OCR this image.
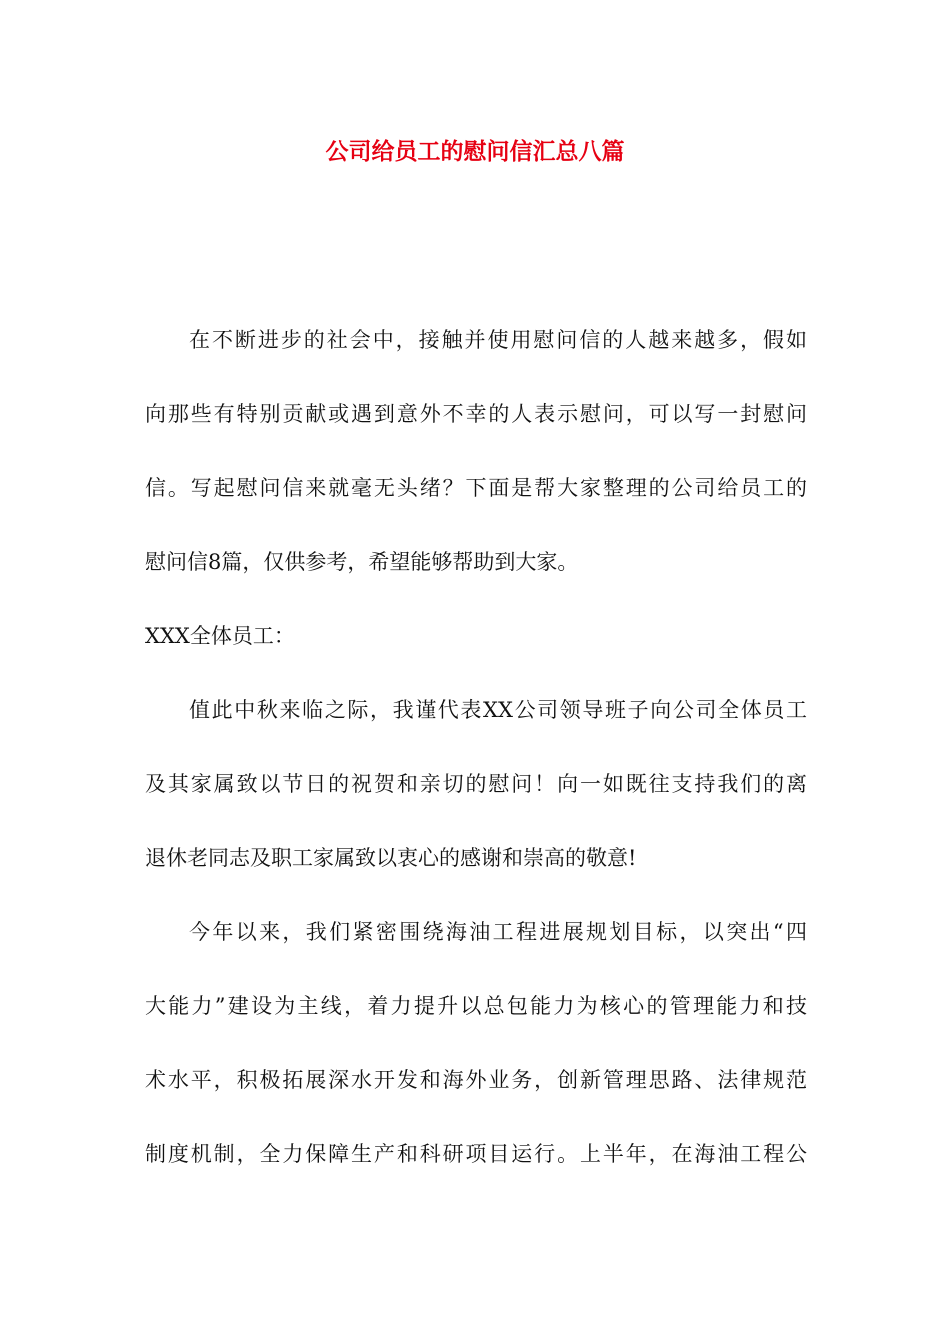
公司给员工的慰问信汇总八篇
在不断进步的社会中，接触并使用慰问信的人越来越多，假如
向那些有特别贡献或遇到意外不幸的人表示慰问，可以写一封慰问
信。写起慰问信来就毫无头绪？下面是帮大家整理的公司给员工的
慰问信8篇，仅供参考，希望能够帮助到大家。
XXX全体员工：
值此中秋来临之际，我谨代表XX公司领导班子向公司全体员工
及其家属致以节日的祝贺和亲切的慰问！向一如既往支持我们的离
退休老同志及职工家属致以衷心的感谢和崇高的敬意!
今年以来，我们紧密围绕海油工程进展规划目标，以突出“四
大能力”建设为主线，着力提升以总包能力为核心的管理能力和技
术水平，积极拓展深水开发和海外业务，创新管理思路、法律规范
制度机制，全力保障生产和科研项目运行。上半年，在海油工程公
